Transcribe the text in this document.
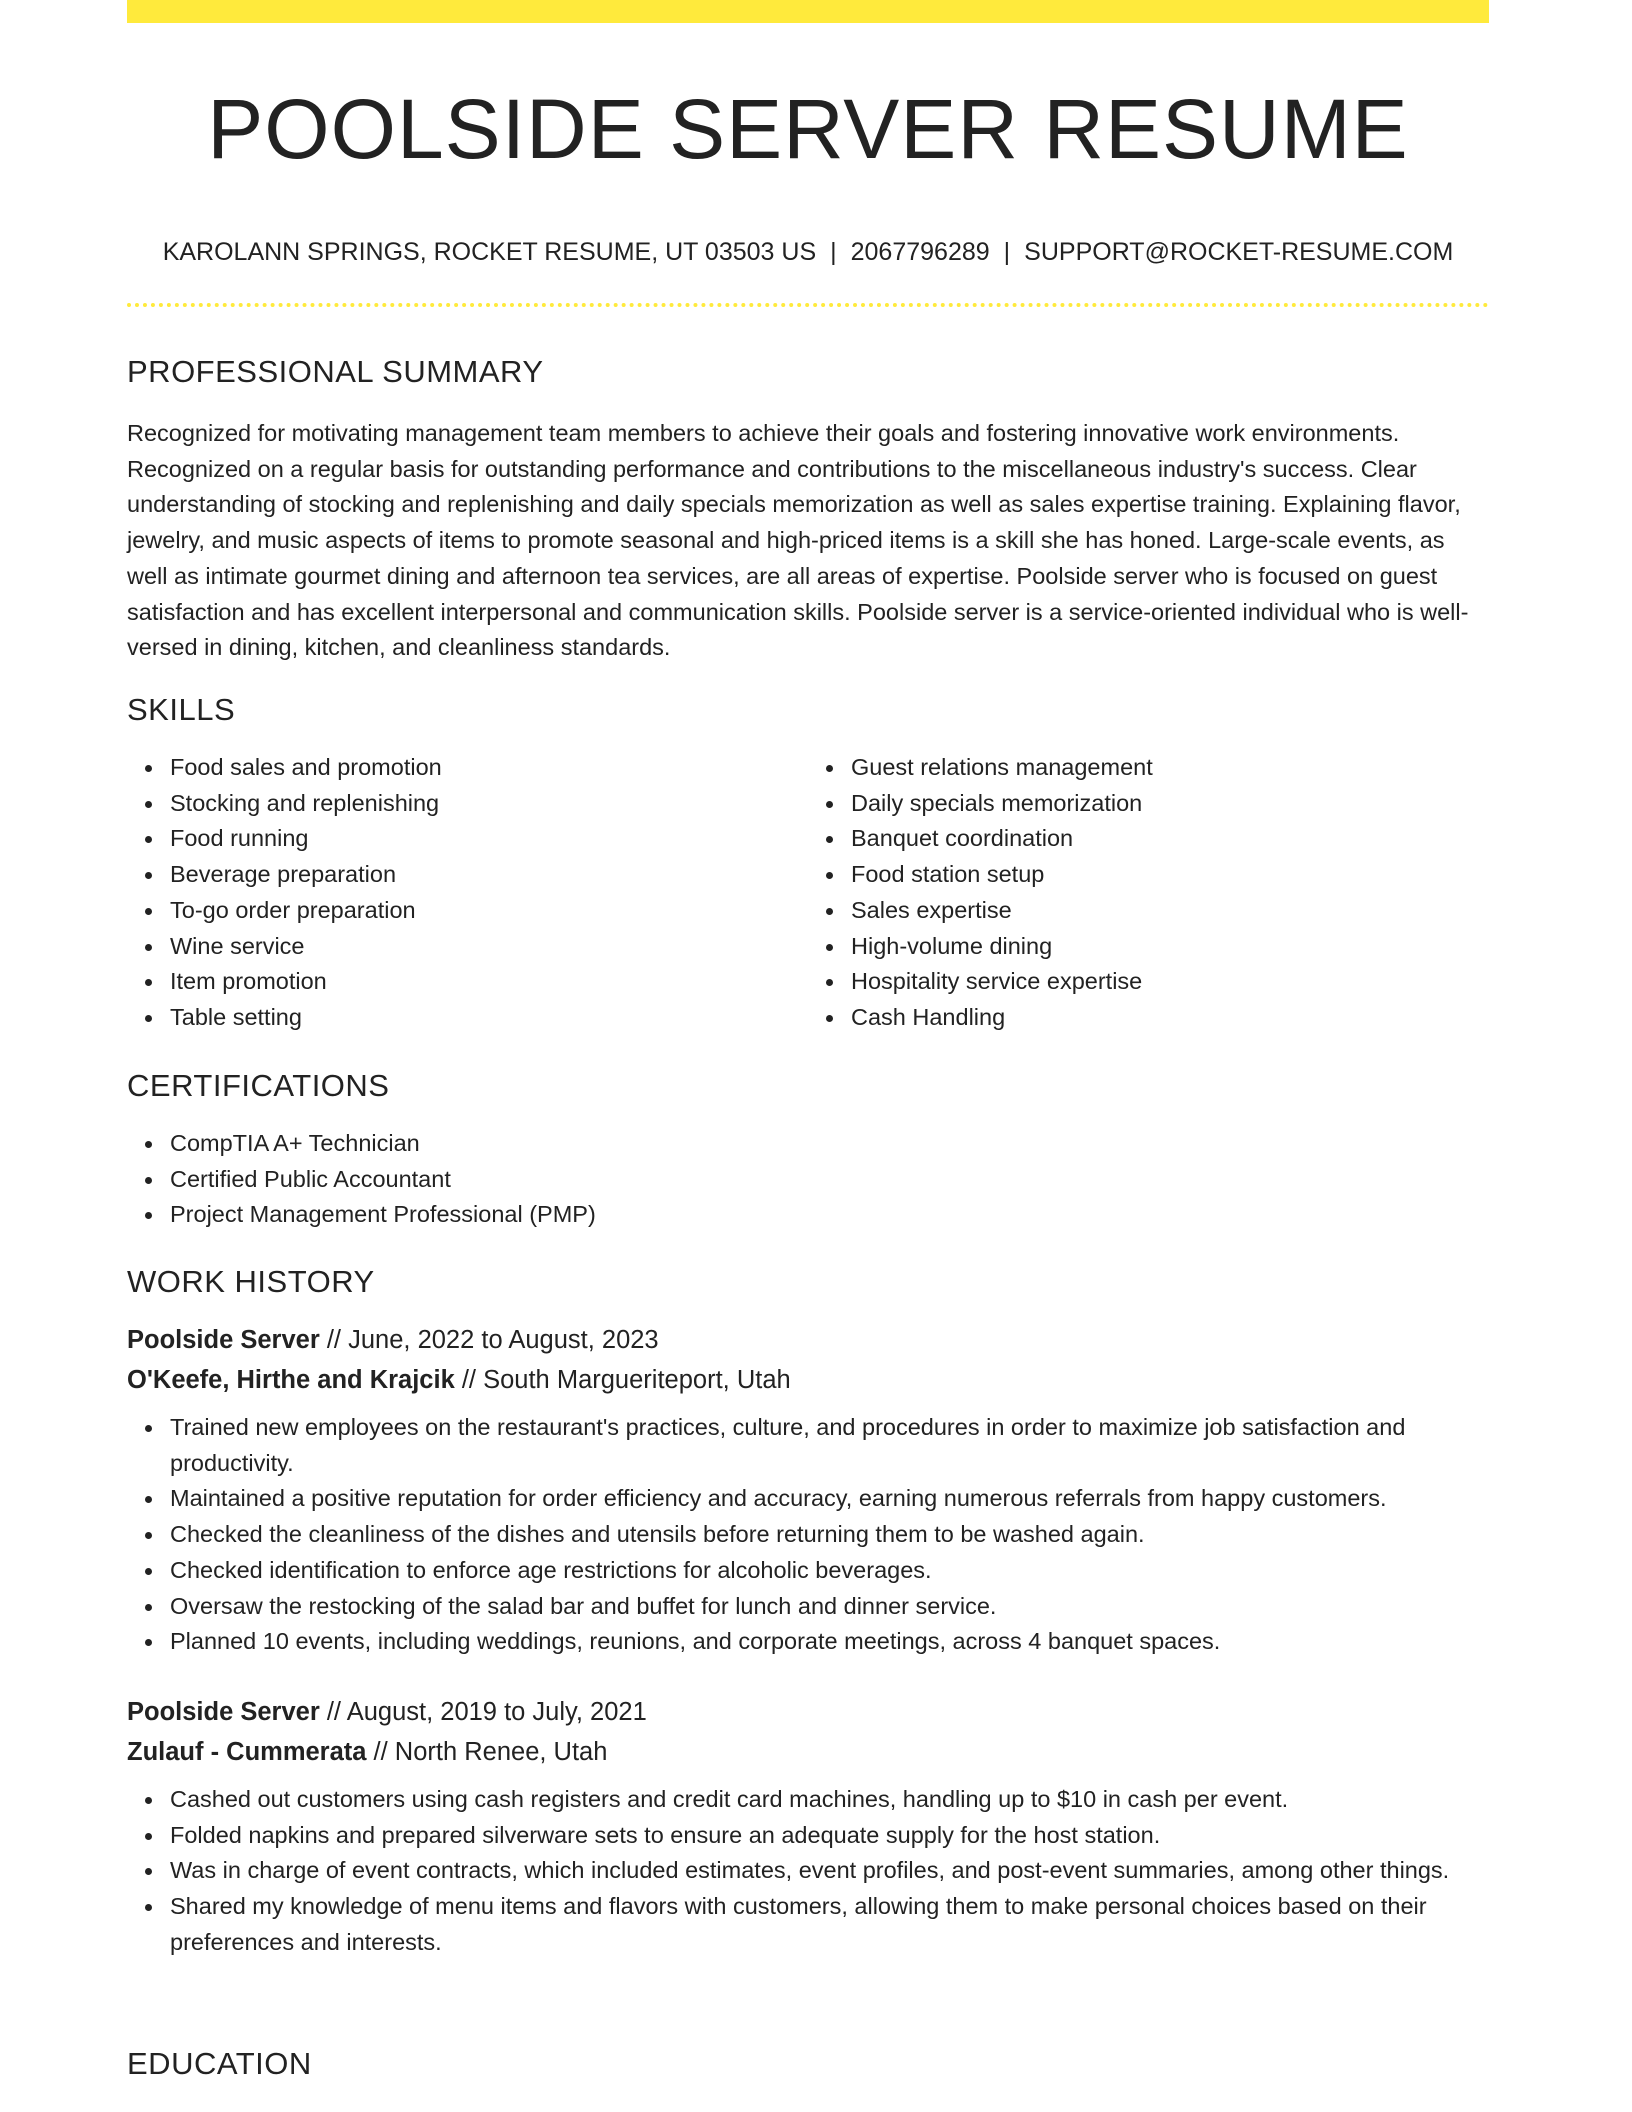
POOLSIDE SERVER RESUME
KAROLANN SPRINGS, ROCKET RESUME, UT 03503 US | 2067796289 | SUPPORT@ROCKET-RESUME.COM
PROFESSIONAL SUMMARY

Recognized for motivating management team members to achieve their goals and fostering innovative work environments. Recognized on a regular basis for outstanding performance and contributions to the miscellaneous industry's success. Clear understanding of stocking and replenishing and daily specials memorization as well as sales expertise training. Explaining flavor, jewelry, and music aspects of items to promote seasonal and high-priced items is a skill she has honed. Large-scale events, as well as intimate gourmet dining and afternoon tea services, are all areas of expertise. Poolside server who is focused on guest satisfaction and has excellent interpersonal and communication skills. Poolside server is a service-oriented individual who is well-versed in dining, kitchen, and cleanliness standards.

SKILLS
Food sales and promotion
Stocking and replenishing
Food running
Beverage preparation
To-go order preparation
Wine service
Item promotion
Table setting
Guest relations management
Daily specials memorization
Banquet coordination
Food station setup
Sales expertise
High-volume dining
Hospitality service expertise
Cash Handling
CERTIFICATIONS
CompTIA A+ Technician
Certified Public Accountant
Project Management Professional (PMP)
WORK HISTORY
Poolside Server // June, 2022 to August, 2023
O'Keefe, Hirthe and Krajcik // South Margueriteport, Utah
Trained new employees on the restaurant's practices, culture, and procedures in order to maximize job satisfaction and productivity.
Maintained a positive reputation for order efficiency and accuracy, earning numerous referrals from happy customers.
Checked the cleanliness of the dishes and utensils before returning them to be washed again.
Checked identification to enforce age restrictions for alcoholic beverages.
Oversaw the restocking of the salad bar and buffet for lunch and dinner service.
Planned 10 events, including weddings, reunions, and corporate meetings, across 4 banquet spaces.
Poolside Server // August, 2019 to July, 2021
Zulauf - Cummerata // North Renee, Utah
Cashed out customers using cash registers and credit card machines, handling up to $10 in cash per event.
Folded napkins and prepared silverware sets to ensure an adequate supply for the host station.
Was in charge of event contracts, which included estimates, event profiles, and post-event summaries, among other things.
Shared my knowledge of menu items and flavors with customers, allowing them to make personal choices based on their preferences and interests.
EDUCATION
